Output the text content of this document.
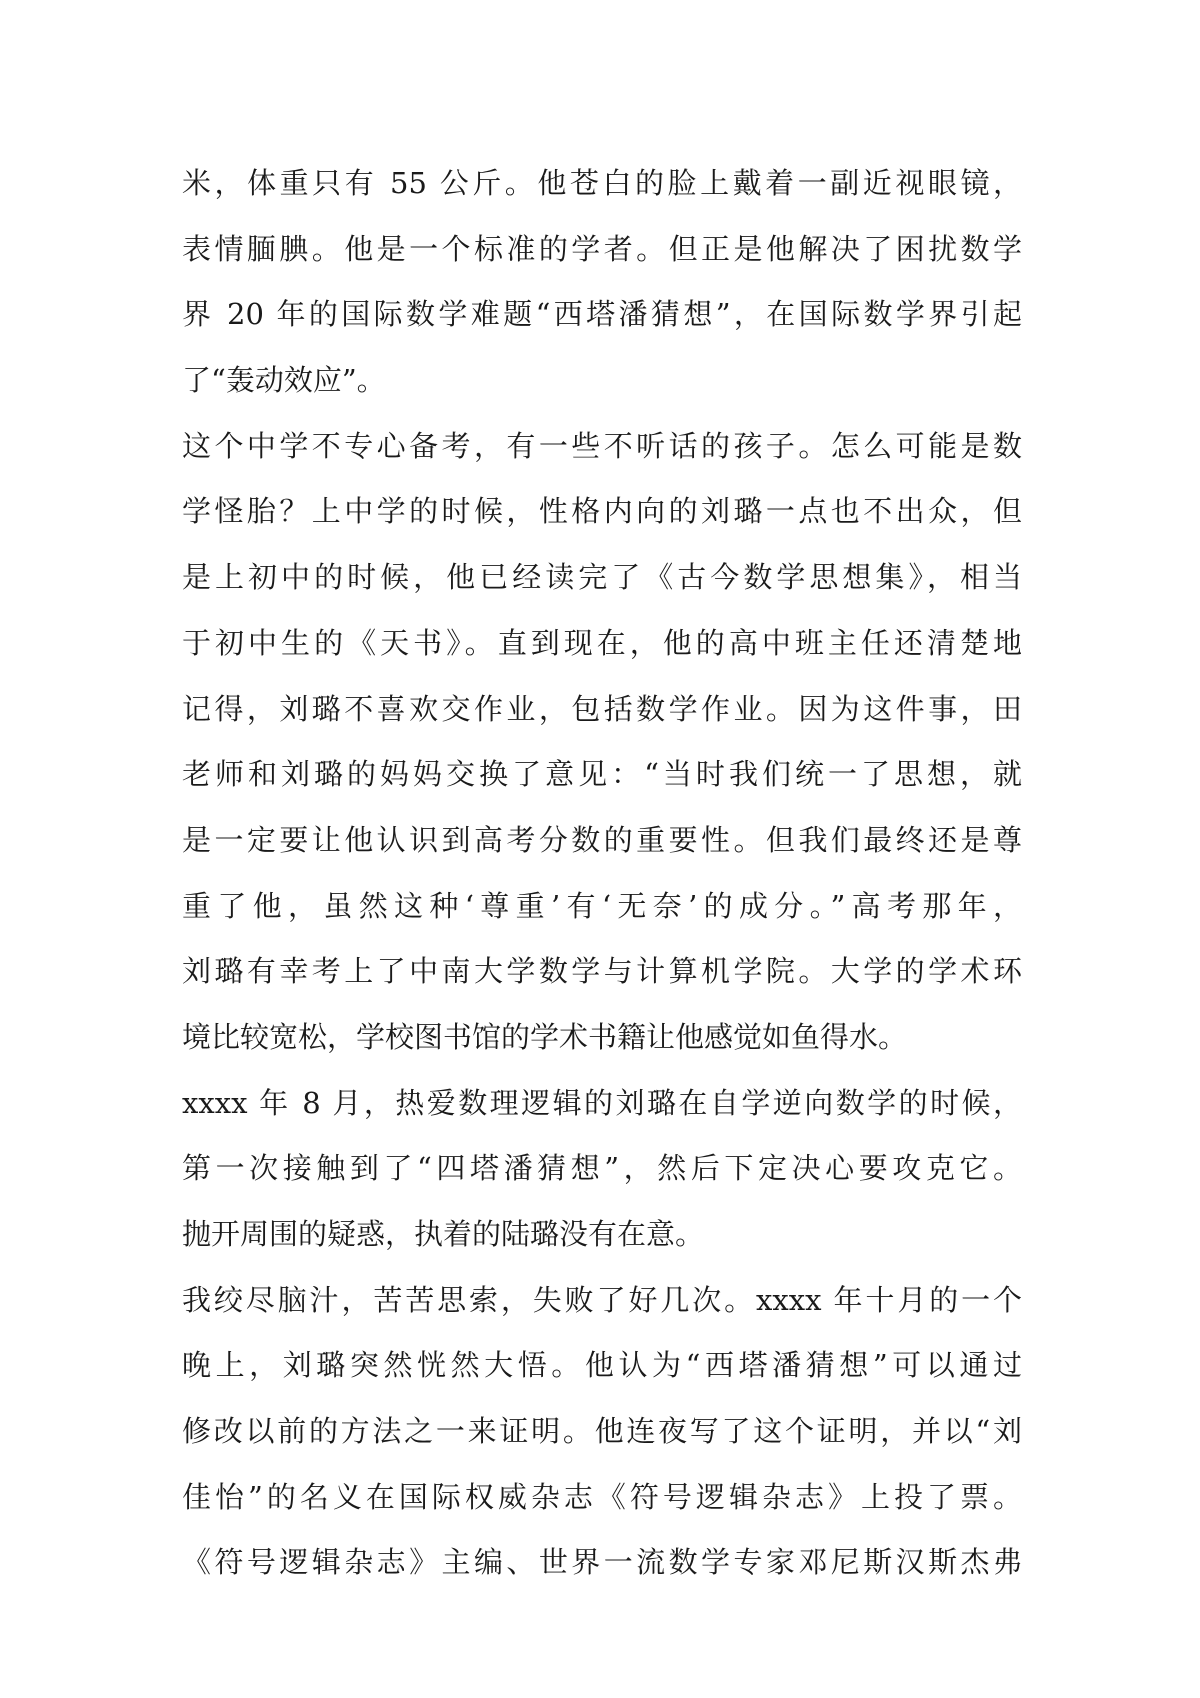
米，体重只有 55 公斤。他苍白的脸上戴着一副近视眼镜，
表情腼腆。他是一个标准的学者。但正是他解决了困扰数学
界 20 年的国际数学难题“西塔潘猜想”，在国际数学界引起
了“轰动效应”。
这个中学不专心备考，有一些不听话的孩子。怎么可能是数
学怪胎？上中学的时候，性格内向的刘璐一点也不出众，但
是上初中的时候，他已经读完了《古今数学思想集》，相当
于初中生的《天书》。直到现在，他的高中班主任还清楚地
记得，刘璐不喜欢交作业，包括数学作业。因为这件事，田
老师和刘璐的妈妈交换了意见：“当时我们统一了思想，就
是一定要让他认识到高考分数的重要性。但我们最终还是尊
重了他，虽然这种‘尊重’有‘无奈’的成分。”高考那年，
刘璐有幸考上了中南大学数学与计算机学院。大学的学术环
境比较宽松，学校图书馆的学术书籍让他感觉如鱼得水。
xxxx 年 8 月，热爱数理逻辑的刘璐在自学逆向数学的时候，
第一次接触到了“四塔潘猜想”，然后下定决心要攻克它。
抛开周围的疑惑，执着的陆璐没有在意。
我绞尽脑汁，苦苦思索，失败了好几次。xxxx 年十月的一个
晚上，刘璐突然恍然大悟。他认为“西塔潘猜想”可以通过
修改以前的方法之一来证明。他连夜写了这个证明，并以“刘
佳怡”的名义在国际权威杂志《符号逻辑杂志》上投了票。
《符号逻辑杂志》主编、世界一流数学专家邓尼斯汉斯杰弗
